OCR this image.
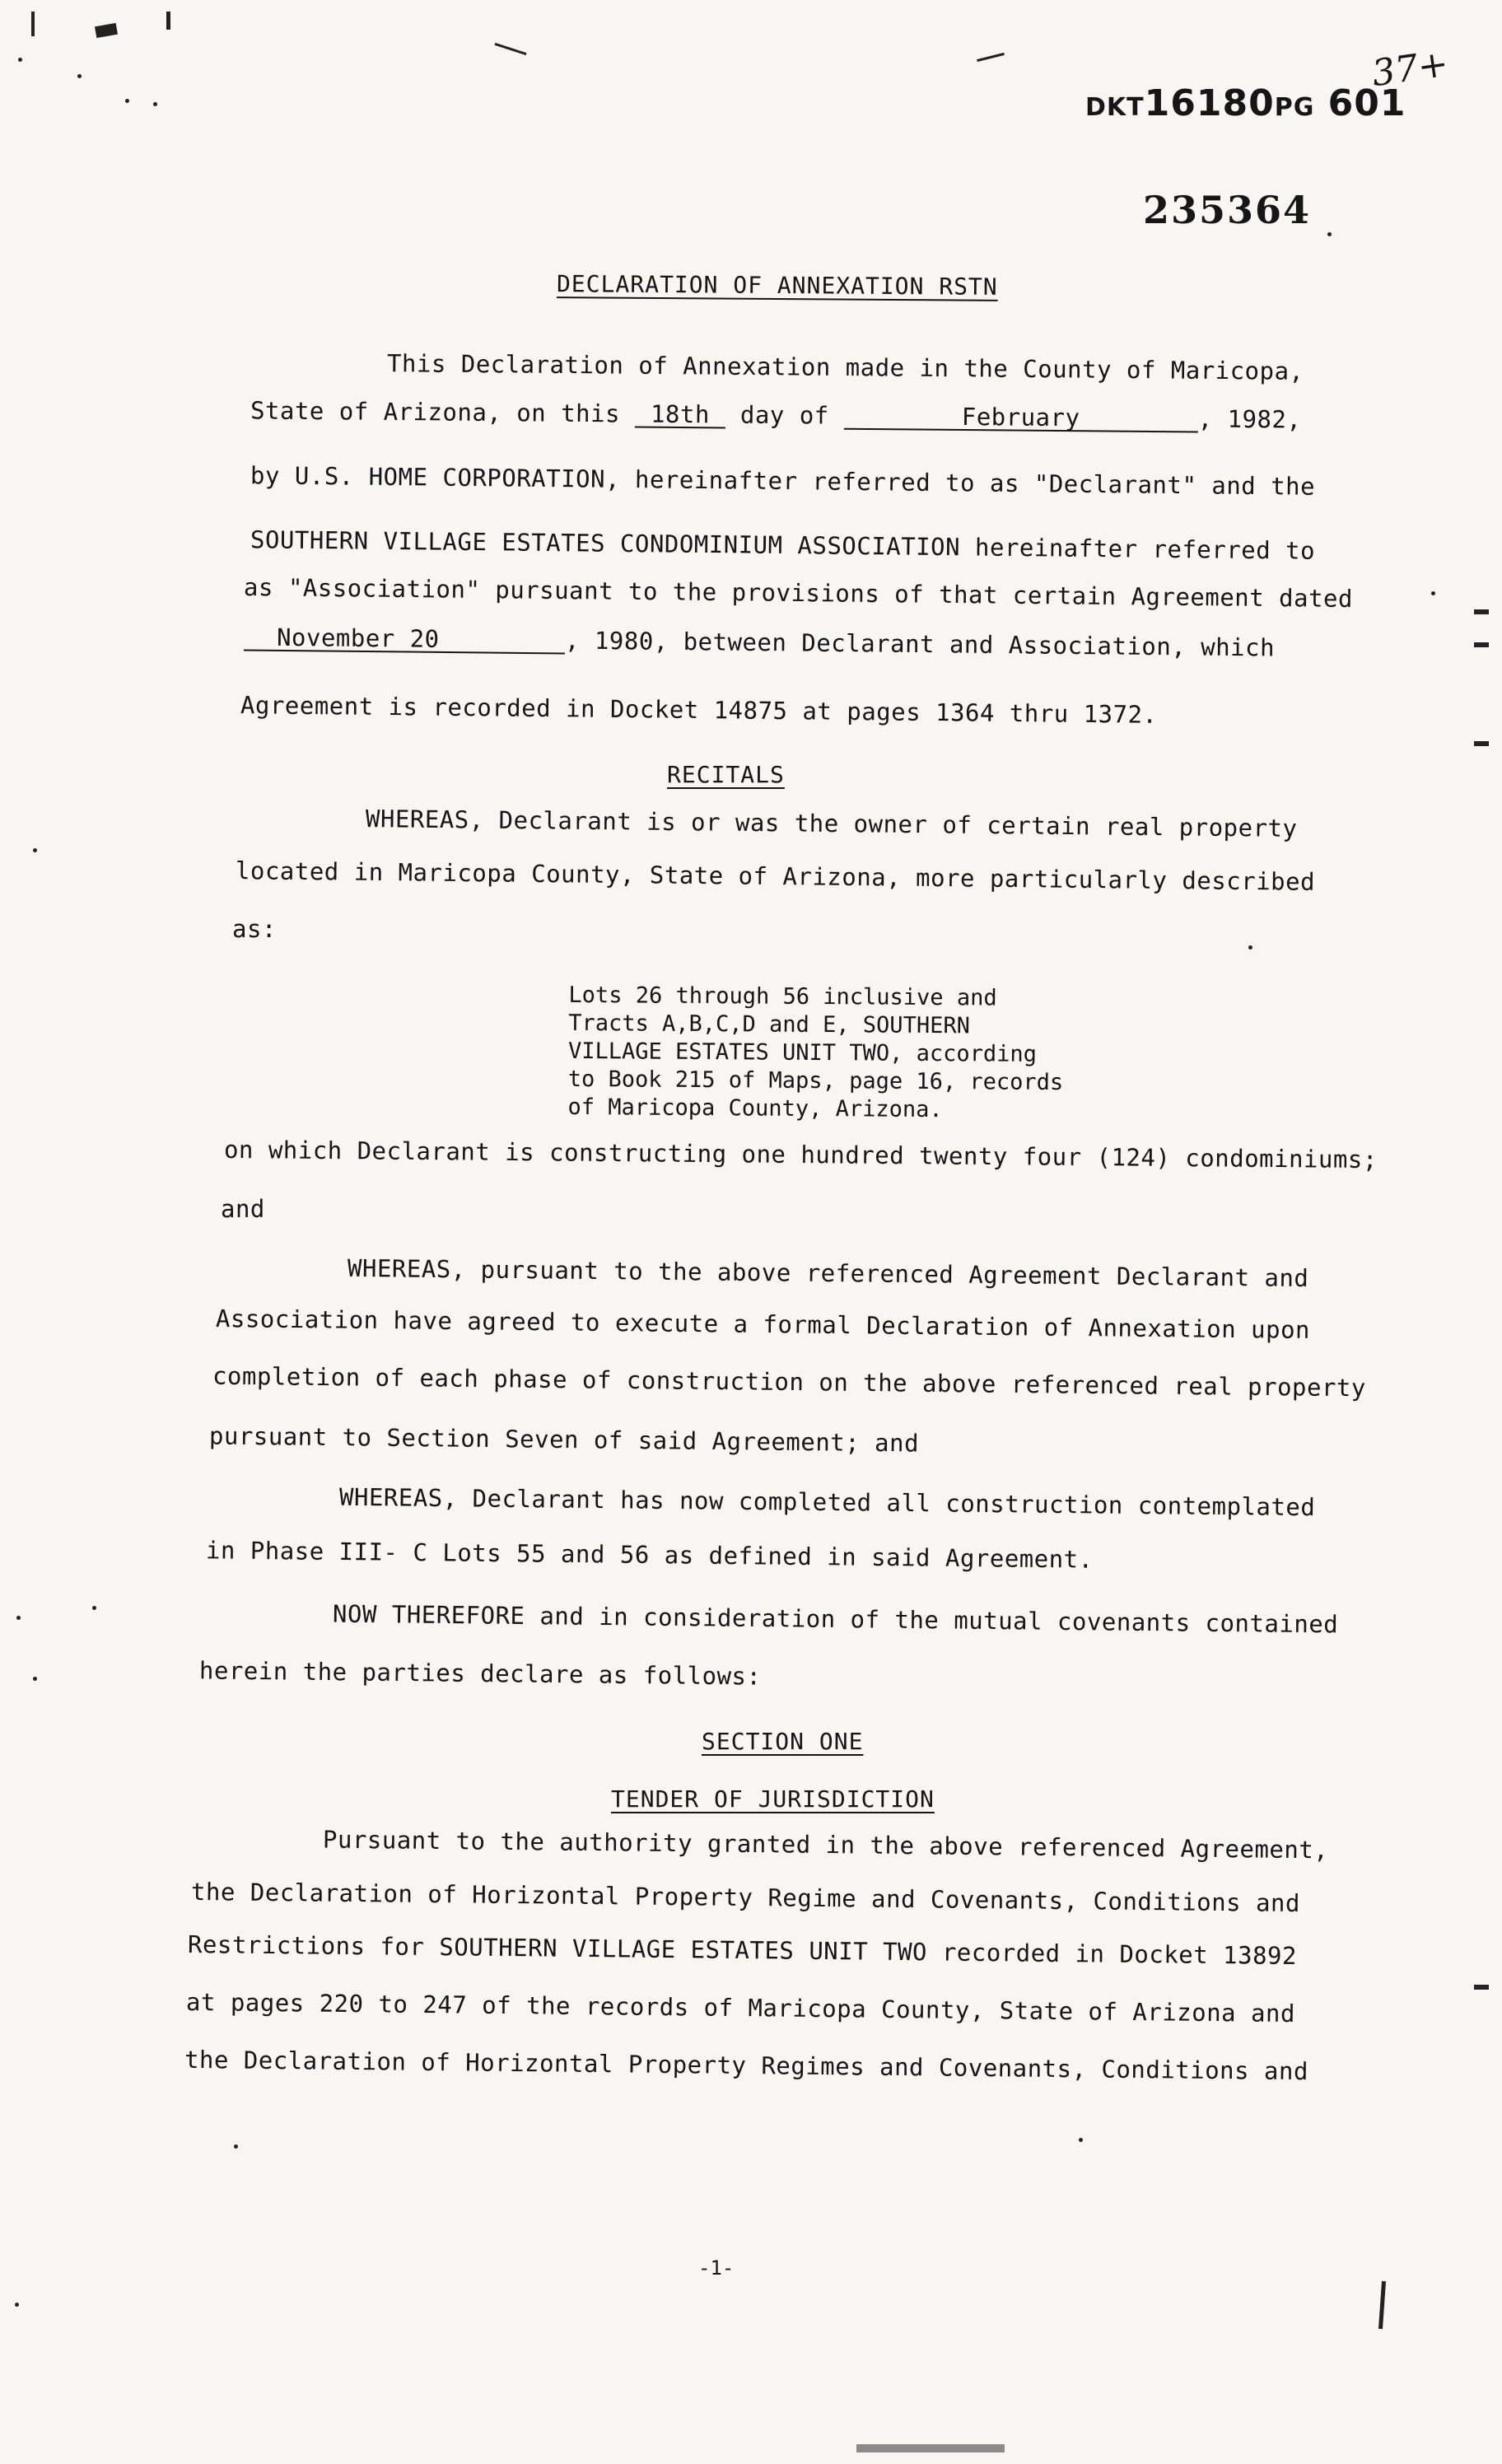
DKT16180PG 601
37+
235364
DECLARATION OF ANNEXATION RSTN
This Declaration of Annexation made in the County of Maricopa,
State of Arizona, on this 18th day of	February	, 1982,
by U.S. HOME CORPORATION, hereinafter referred to as "Declarant" and the
SOUTHERN VILLAGE ESTATES CONDOMINIUM ASSOCIATION hereinafter referred to
as "Association" pursuant to the provisions of that certain Agreement dated
November 20	, 1980, between Declarant and Association, which
Agreement is recorded in Docket 14875 at pages 1364 thru 1372.
RECITALS
WHEREAS, Declarant is or was the owner of certain real property
located in Maricopa County, State of Arizona, more particularly described
as:
Lots 26 through 56 inclusive and
Tracts A,B,C,D and E, SOUTHERN
VILLAGE ESTATES UNIT TWO, according
to Book 215 of Maps, page 16, records
of Maricopa County, Arizona.
on which Declarant is constructing one hundred twenty four (124) condominiums;
and
WHEREAS, pursuant to the above referenced Agreement Declarant and
Association have agreed to execute a formal Declaration of Annexation upon
completion of each phase of construction on the above referenced real property
pursuant to Section Seven of said Agreement; and
WHEREAS, Declarant has now completed all construction contemplated
in Phase III- C Lots 55 and 56 as defined in said Agreement.
NOW THEREFORE and in consideration of the mutual covenants contained
herein the parties declare as follows:
SECTION ONE
TENDER OF JURISDICTION
Pursuant to the authority granted in the above referenced Agreement,
the Declaration of Horizontal Property Regime and Covenants, Conditions and
Restrictions for SOUTHERN VILLAGE ESTATES UNIT TWO recorded in Docket 13892
at pages 220 to 247 of the records of Maricopa County, State of Arizona and
the Declaration of Horizontal Property Regimes and Covenants, Conditions and
-1-
